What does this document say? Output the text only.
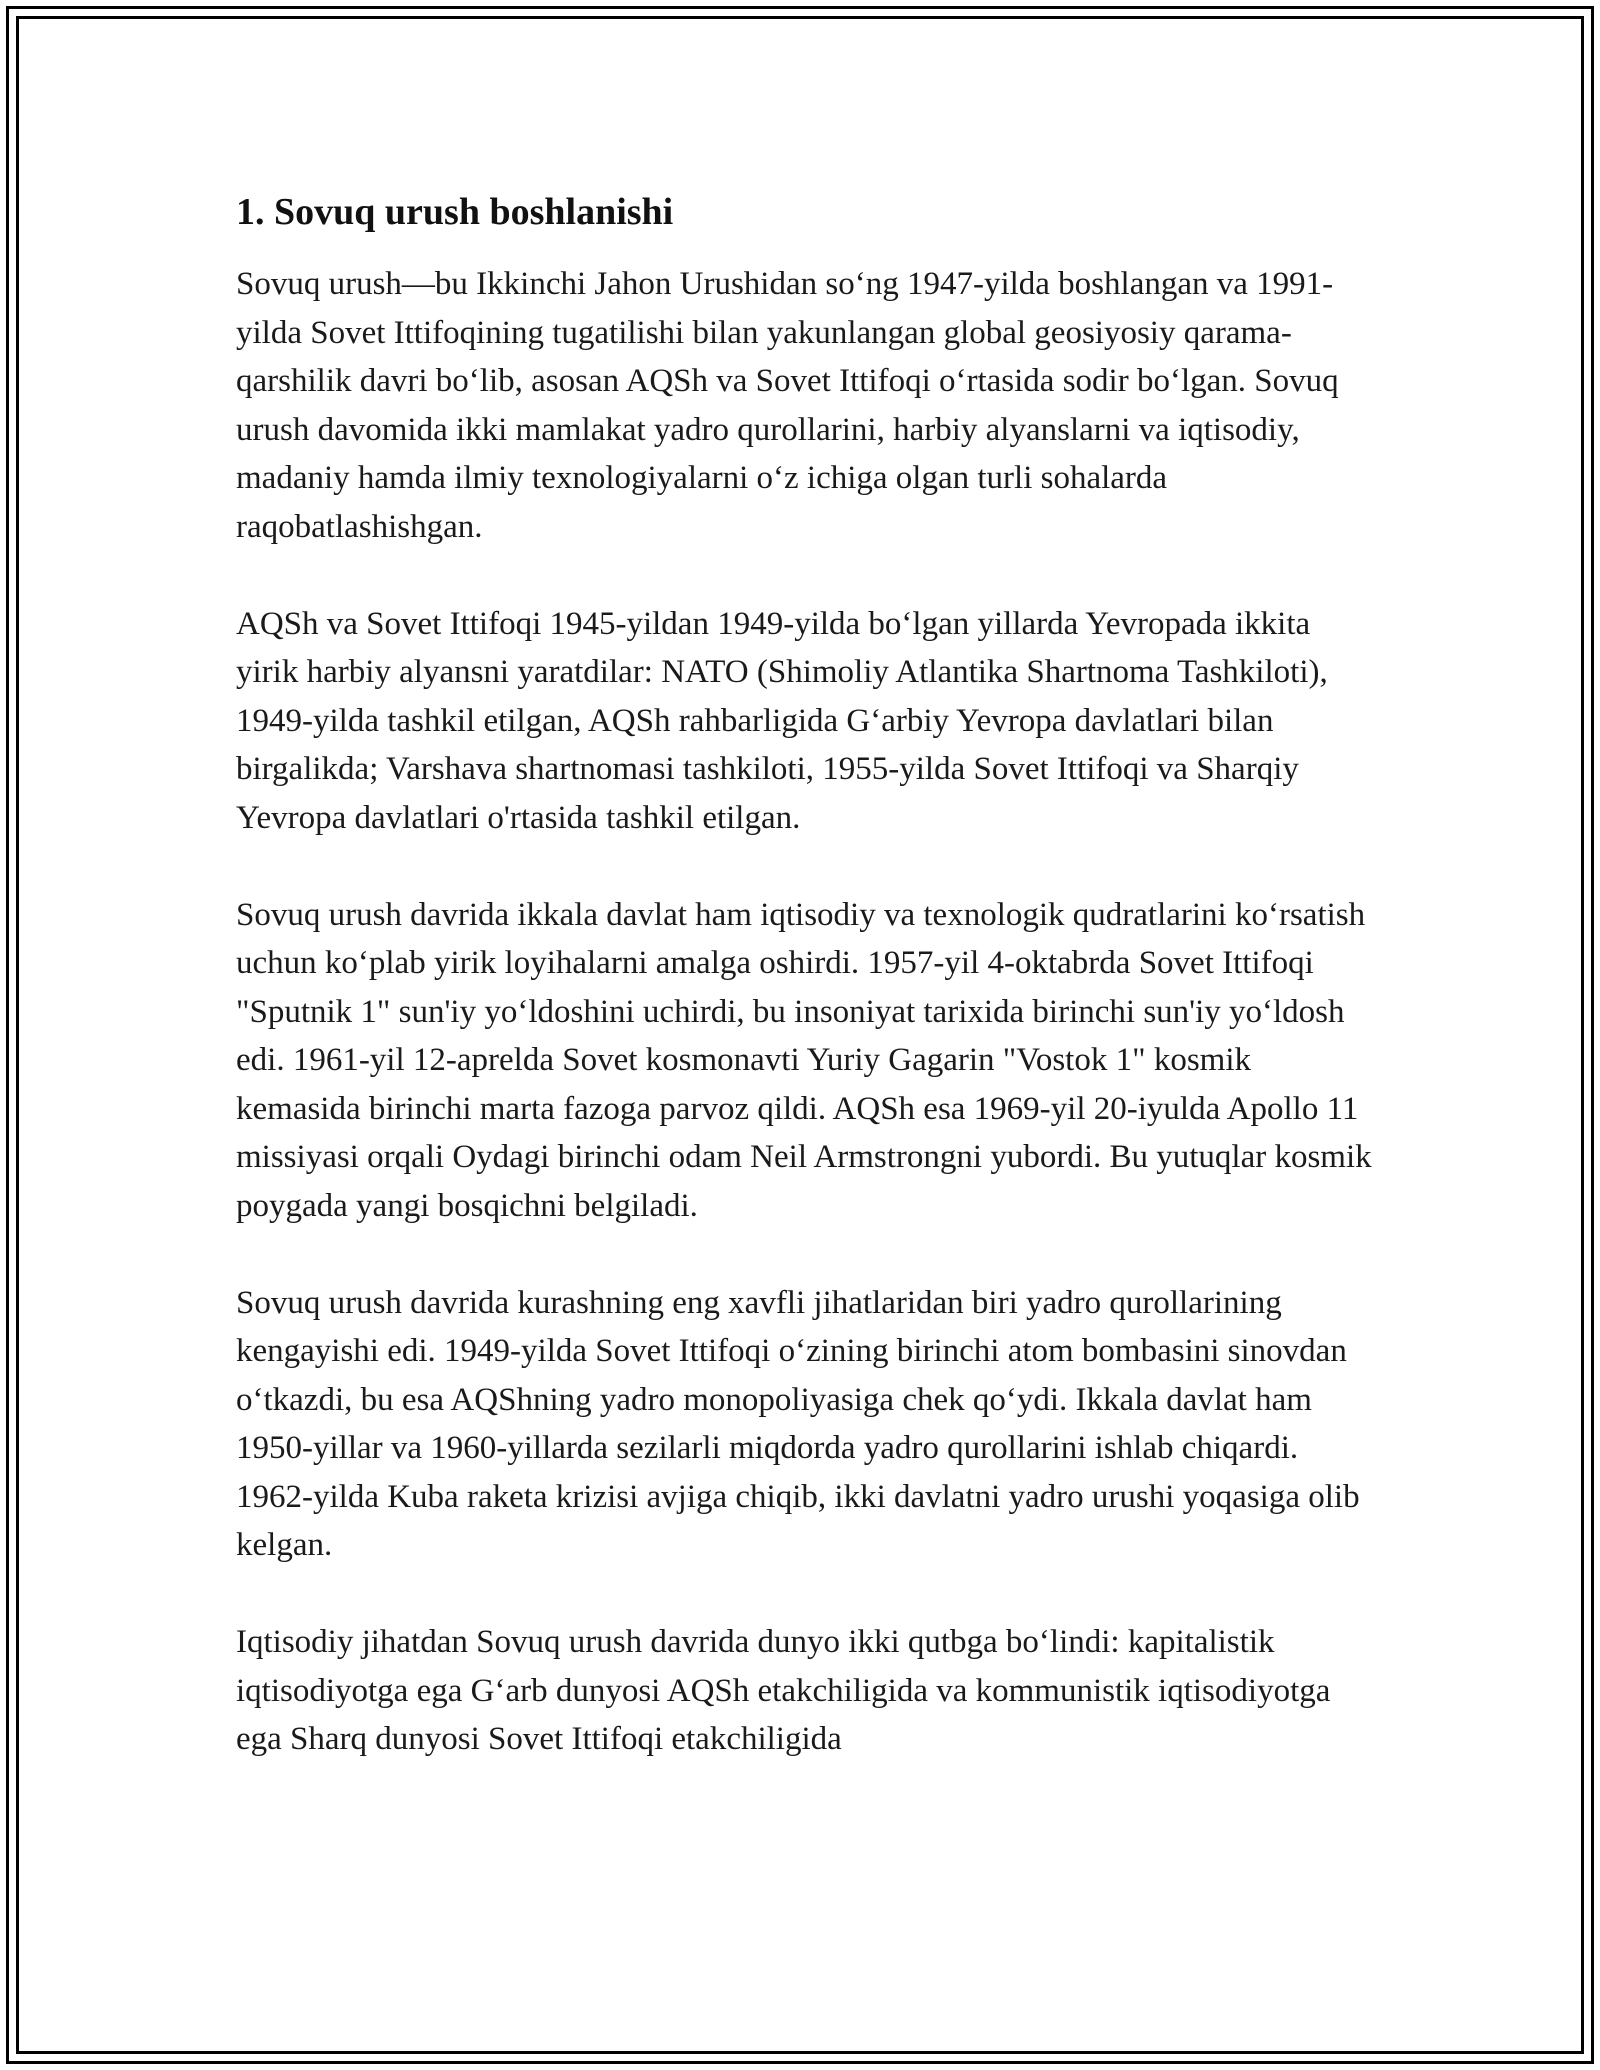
1. Sovuq urush boshlanishi

Sovuq urush—bu Ikkinchi Jahon Urushidan so‘ng 1947-yilda boshlangan va 1991-yilda Sovet Ittifoqining tugatilishi bilan yakunlangan global geosiyosiy qarama-qarshilik davri bo‘lib, asosan AQSh va Sovet Ittifoqi o‘rtasida sodir bo‘lgan. Sovuq urush davomida ikki mamlakat yadro qurollarini, harbiy alyanslarni va iqtisodiy, madaniy hamda ilmiy texnologiyalarni o‘z ichiga olgan turli sohalarda raqobatlashishgan.

AQSh va Sovet Ittifoqi 1945-yildan 1949-yilda bo‘lgan yillarda Yevropada ikkita yirik harbiy alyansni yaratdilar: NATO (Shimoliy Atlantika Shartnoma Tashkiloti), 1949-yilda tashkil etilgan, AQSh rahbarligida G‘arbiy Yevropa davlatlari bilan birgalikda; Varshava shartnomasi tashkiloti, 1955-yilda Sovet Ittifoqi va Sharqiy Yevropa davlatlari o'rtasida tashkil etilgan.

Sovuq urush davrida ikkala davlat ham iqtisodiy va texnologik qudratlarini ko‘rsatish uchun ko‘plab yirik loyihalarni amalga oshirdi. 1957-yil 4-oktabrda Sovet Ittifoqi "Sputnik 1" sun'iy yo‘ldoshini uchirdi, bu insoniyat tarixida birinchi sun'iy yo‘ldosh edi. 1961-yil 12-aprelda Sovet kosmonavti Yuriy Gagarin "Vostok 1" kosmik kemasida birinchi marta fazoga parvoz qildi. AQSh esa 1969-yil 20-iyulda Apollo 11 missiyasi orqali Oydagi birinchi odam Neil Armstrongni yubordi. Bu yutuqlar kosmik poygada yangi bosqichni belgiladi.

Sovuq urush davrida kurashning eng xavfli jihatlaridan biri yadro qurollarining kengayishi edi. 1949-yilda Sovet Ittifoqi o‘zining birinchi atom bombasini sinovdan o‘tkazdi, bu esa AQShning yadro monopoliyasiga chek qo‘ydi. Ikkala davlat ham 1950-yillar va 1960-yillarda sezilarli miqdorda yadro qurollarini ishlab chiqardi. 1962-yilda Kuba raketa krizisi avjiga chiqib, ikki davlatni yadro urushi yoqasiga olib kelgan.

Iqtisodiy jihatdan Sovuq urush davrida dunyo ikki qutbga bo‘lindi: kapitalistik iqtisodiyotga ega G‘arb dunyosi AQSh etakchiligida va kommunistik iqtisodiyotga ega Sharq dunyosi Sovet Ittifoqi etakchiligida
